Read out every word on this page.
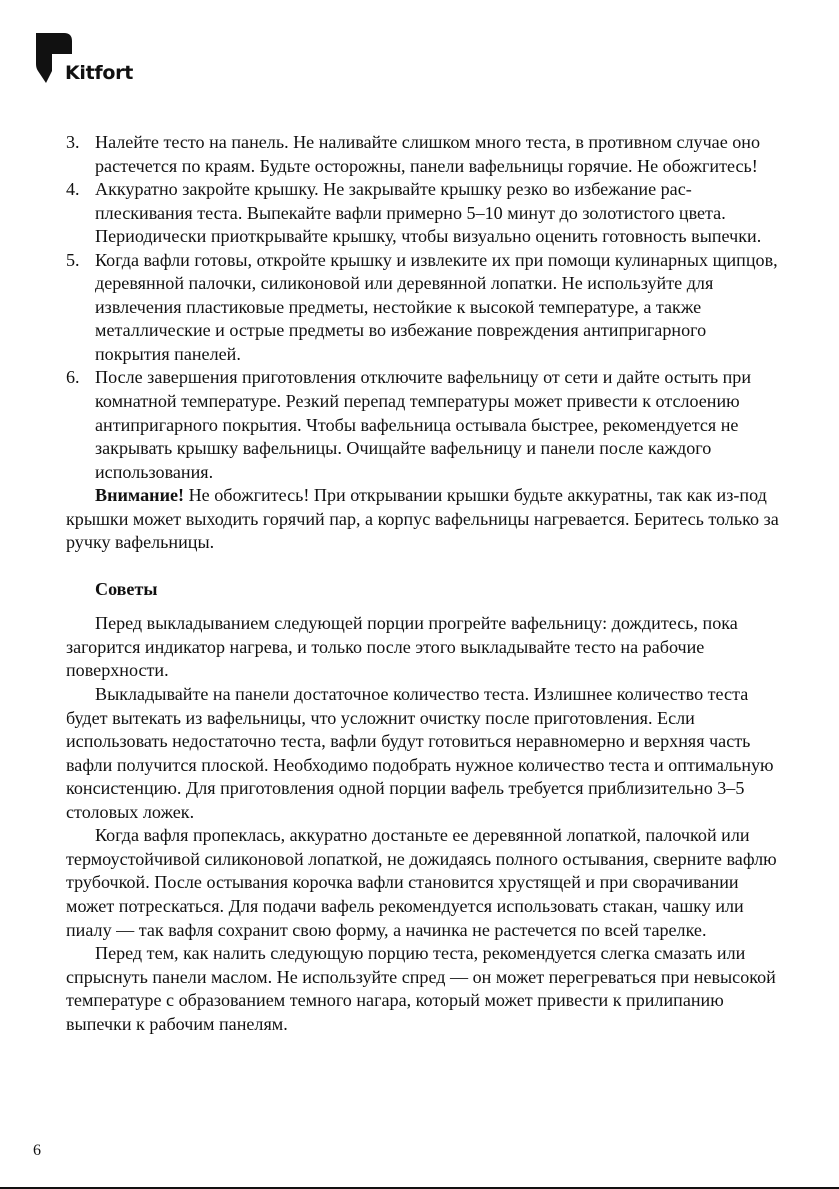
Kitfort

3. Налейте тесто на панель. Не наливайте слишком много теста, в противном случае оно растечется по краям. Будьте осторожны, панели вафельницы горячие. Не обожгитесь!

4. Аккуратно закройте крышку. Не закрывайте крышку резко во избежание расплескивания теста. Выпекайте вафли примерно 5–10 минут до золотистого цвета. Периодически приоткрывайте крышку, чтобы визуально оценить готовность выпечки.

5. Когда вафли готовы, откройте крышку и извлеките их при помощи кулинарных щипцов, деревянной палочки, силиконовой или деревянной лопатки. Не используйте для извлечения пластиковые предметы, нестойкие к высокой температуре, а также металлические и острые предметы во избежание повреждения антипригарного покрытия панелей.

6. После завершения приготовления отключите вафельницу от сети и дайте остыть при комнатной температуре. Резкий перепад температуры может привести к отслоению антипригарного покрытия. Чтобы вафельница остывала быстрее, рекомендуется не закрывать крышку вафельницы. Очищайте вафельницу и панели после каждого использования.

Внимание! Не обожгитесь! При открывании крышки будьте аккуратны, так как из-под крышки может выходить горячий пар, а корпус вафельницы нагревается. Беритесь только за ручку вафельницы.

Советы

Перед выкладыванием следующей порции прогрейте вафельницу: дождитесь, пока загорится индикатор нагрева, и только после этого выкладывайте тесто на рабочие поверхности.

Выкладывайте на панели достаточное количество теста. Излишнее количество теста будет вытекать из вафельницы, что усложнит очистку после приготовления. Если использовать недостаточно теста, вафли будут готовиться неравномерно и верхняя часть вафли получится плоской. Необходимо подобрать нужное количество теста и оптимальную консистенцию. Для приготовления одной порции вафель требуется приблизительно 3–5 столовых ложек.

Когда вафля пропеклась, аккуратно достаньте ее деревянной лопаткой, палочкой или термоустойчивой силиконовой лопаткой, не дожидаясь полного остывания, сверните вафлю трубочкой. После остывания корочка вафли становится хрустящей и при сворачивании может потрескаться. Для подачи вафель рекомендуется использовать стакан, чашку или пиалу — так вафля сохранит свою форму, а начинка не растечется по всей тарелке.

Перед тем, как налить следующую порцию теста, рекомендуется слегка смазать или спрыснуть панели маслом. Не используйте спред — он может перегреваться при невысокой температуре с образованием темного нагара, который может привести к прилипанию выпечки к рабочим панелям.

6
